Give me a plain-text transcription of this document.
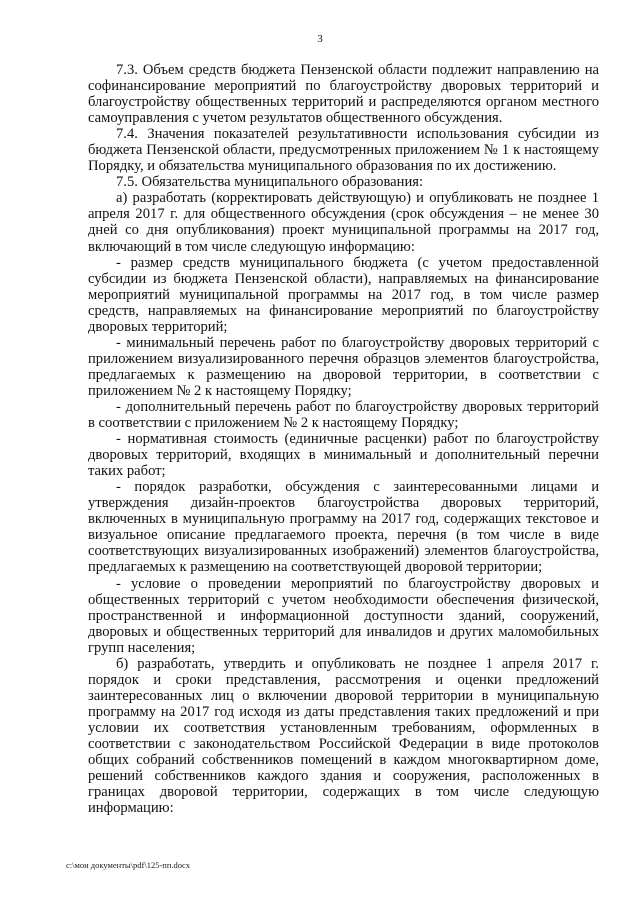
3

7.3. Объем средств бюджета Пензенской области подлежит направлению на софинансирование мероприятий по благоустройству дворовых территорий и благоустройству общественных территорий и распределяются органом местного самоуправления с учетом результатов общественного обсуждения.

7.4. Значения показателей результативности использования субсидии из бюджета Пензенской области, предусмотренных приложением № 1 к настоящему Порядку, и обязательства муниципального образования по их достижению.

7.5. Обязательства муниципального образования:

а) разработать (корректировать действующую) и опубликовать не позднее 1 апреля 2017 г. для общественного обсуждения (срок обсуждения – не менее 30 дней со дня опубликования) проект муниципальной программы на 2017 год, включающий в том числе следующую информацию:

- размер средств муниципального бюджета (с учетом предоставленной субсидии из бюджета Пензенской области), направляемых на финансирование мероприятий муниципальной программы на 2017 год, в том числе размер средств, направляемых на финансирование мероприятий по благоустройству дворовых территорий;

- минимальный перечень работ по благоустройству дворовых территорий с приложением визуализированного перечня образцов элементов благоустройства, предлагаемых к размещению на дворовой территории, в соответствии с приложением № 2 к настоящему Порядку;

- дополнительный перечень работ по благоустройству дворовых территорий в соответствии с приложением № 2 к настоящему Порядку;

- нормативная стоимость (единичные расценки) работ по благоустройству дворовых территорий, входящих в минимальный и дополнительный перечни таких работ;

- порядок разработки, обсуждения с заинтересованными лицами и утверждения дизайн-проектов благоустройства дворовых территорий, включенных в муниципальную программу на 2017 год, содержащих текстовое и визуальное описание предлагаемого проекта, перечня (в том числе в виде соответствующих визуализированных изображений) элементов благоустройства, предлагаемых к размещению на соответствующей дворовой территории;

- условие о проведении мероприятий по благоустройству дворовых и общественных территорий с учетом необходимости обеспечения физической, пространственной и информационной доступности зданий, сооружений, дворовых и общественных территорий для инвалидов и других маломобильных групп населения;

б) разработать, утвердить и опубликовать не позднее 1 апреля 2017 г. порядок и сроки представления, рассмотрения и оценки предложений заинтересованных лиц о включении дворовой территории в муниципальную программу на 2017 год исходя из даты представления таких предложений и при условии их соответствия установленным требованиям, оформленных в соответствии с законодательством Российской Федерации в виде протоколов общих собраний собственников помещений в каждом многоквартирном доме, решений собственников каждого здания и сооружения, расположенных в границах дворовой территории, содержащих в том числе следующую информацию:

c:\мои документы\pdf\125-пп.docx
